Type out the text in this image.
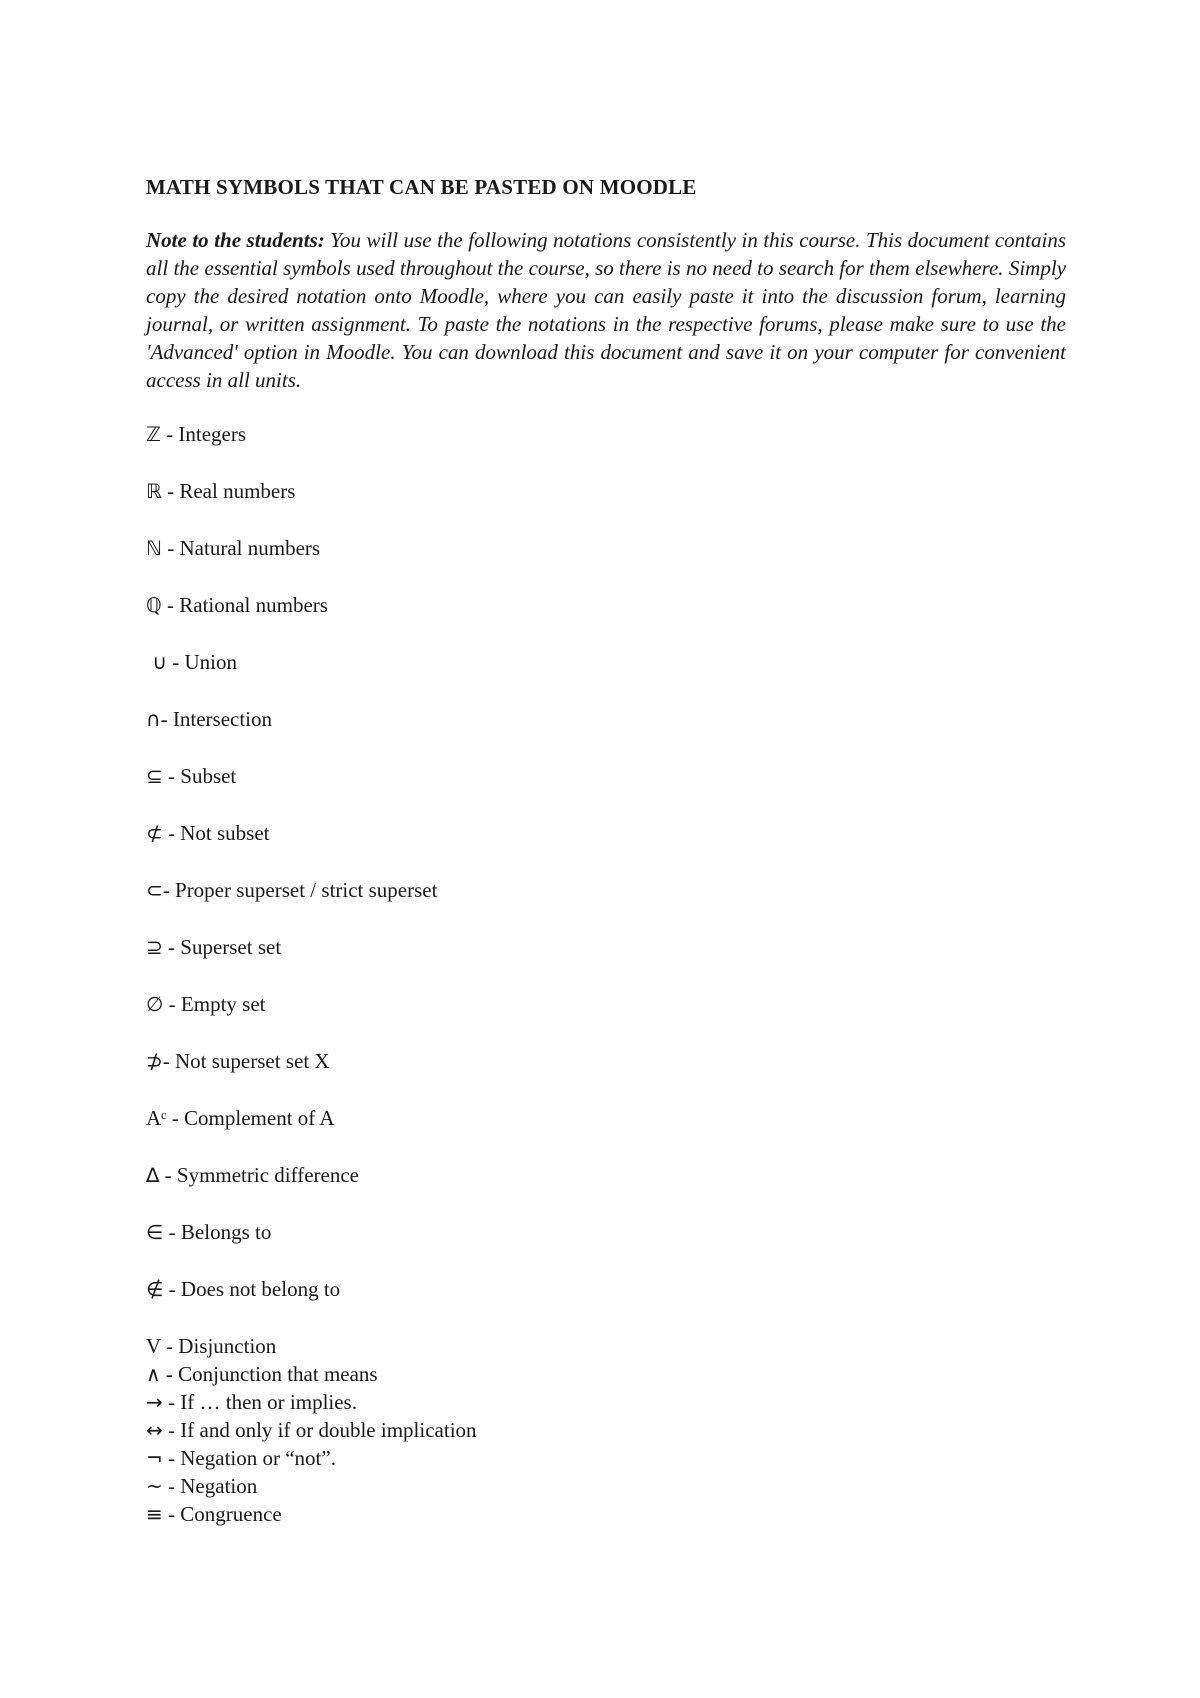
MATH SYMBOLS THAT CAN BE PASTED ON MOODLE

Note to the students: You will use the following notations consistently in this course. This document contains all the essential symbols used throughout the course, so there is no need to search for them elsewhere. Simply copy the desired notation onto Moodle, where you can easily paste it into the discussion forum, learning journal, or written assignment. To paste the notations in the respective forums, please make sure to use the 'Advanced' option in Moodle. You can download this document and save it on your computer for convenient access in all units.

ℤ - Integers
ℝ - Real numbers
ℕ - Natural numbers
ℚ - Rational numbers
∪ - Union
∩- Intersection
⊆ - Subset
⊄ - Not subset
⊂- Proper superset / strict superset
⊇ - Superset set
∅ - Empty set
⊅- Not superset set X
Aᶜ - Complement of A
∆ - Symmetric difference
∈ - Belongs to
∉ - Does not belong to
V - Disjunction
∧ - Conjunction that means
→ - If … then or implies.
↔ - If and only if or double implication
¬ - Negation or “not”.
~ - Negation
≡ - Congruence
